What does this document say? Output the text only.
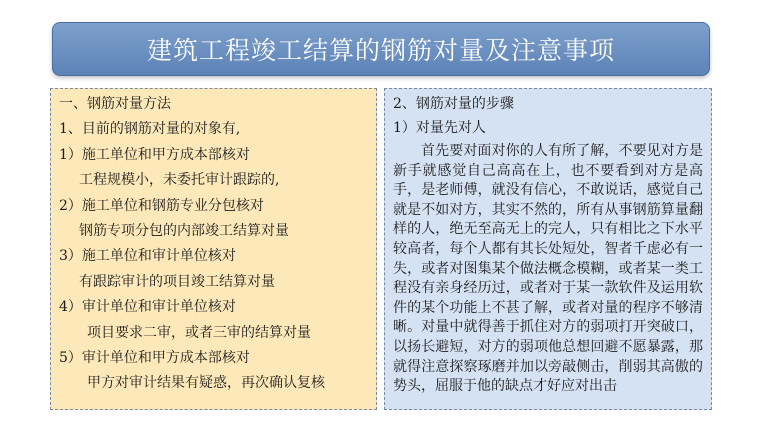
建筑工程竣工结算的钢筋对量及注意事项
一、钢筋对量方法
1、目前的钢筋对量的对象有,
1）施工单位和甲方成本部核对
工程规模小，未委托审计跟踪的,
2）施工单位和钢筋专业分包核对
钢筋专项分包的内部竣工结算对量
3）施工单位和审计单位核对
有跟踪审计的项目竣工结算对量
4）审计单位和审计单位核对
项目要求二审，或者三审的结算对量
5）审计单位和甲方成本部核对
甲方对审计结果有疑惑，再次确认复核
2、钢筋对量的步骤
1）对量先对人
首先要对面对你的人有所了解，不要见对方是新手就感觉自己高高在上，也不要看到对方是高手，是老师傅，就没有信心，不敢说话，感觉自己就是不如对方，其实不然的，所有从事钢筋算量翻样的人，绝无至高无上的完人，只有相比之下水平较高者，每个人都有其长处短处，智者千虑必有一失，或者对图集某个做法概念模糊，或者某一类工程没有亲身经历过，或者对于某一款软件及运用软件的某个功能上不甚了解，或者对量的程序不够清晰。对量中就得善于抓住对方的弱项打开突破口，以扬长避短，对方的弱项他总想回避不愿暴露，那就得注意探察琢磨并加以旁敲侧击，削弱其高傲的势头，屈服于他的缺点才好应对出击
